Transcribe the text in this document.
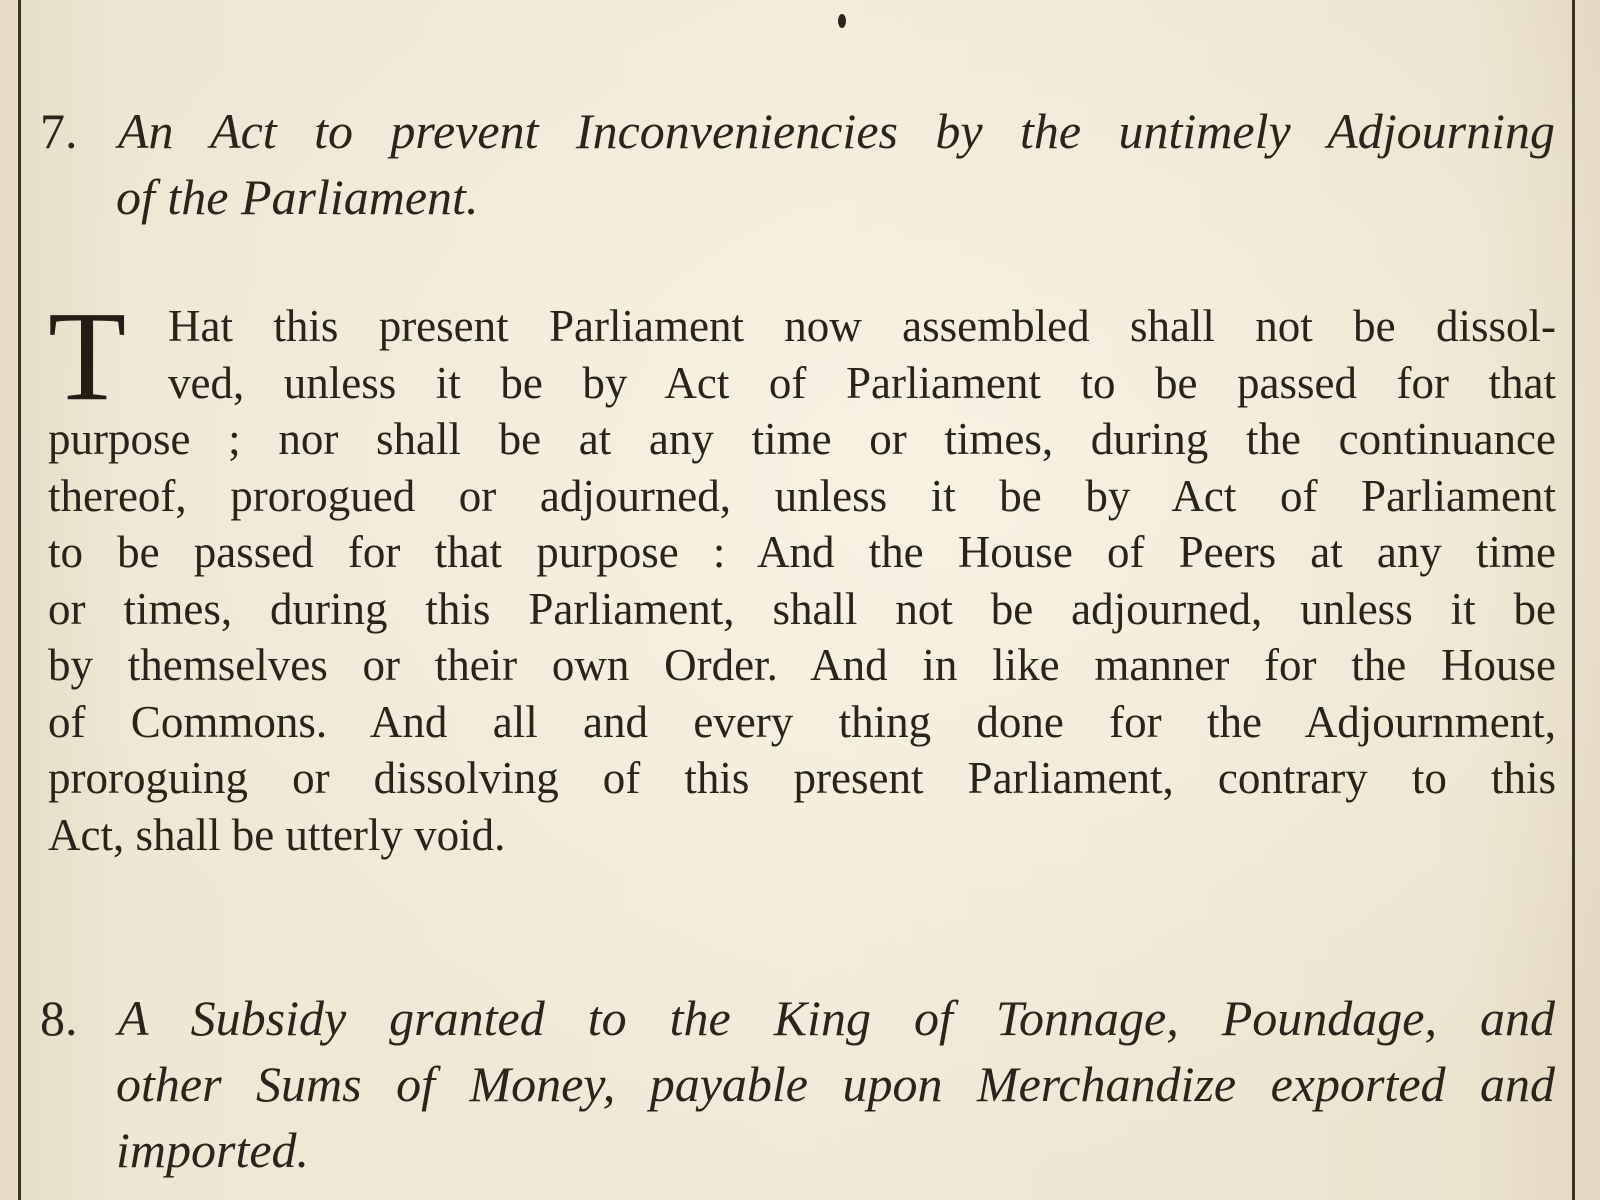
7. An Act to prevent Inconveniencies by the untimely Adjourning
of the Parliament.
T Hat this present Parliament now assembled shall not be dissol-
ved, unless it be by Act of Parliament to be passed for that
purpose ; nor shall be at any time or times, during the continuance
thereof, prorogued or adjourned, unless it be by Act of Parliament
to be passed for that purpose : And the House of Peers at any time
or times, during this Parliament, shall not be adjourned, unless it be
by themselves or their own Order. And in like manner for the House
of Commons. And all and every thing done for the Adjournment,
proroguing or dissolving of this present Parliament, contrary to this
Act, shall be utterly void.
8. A Subsidy granted to the King of Tonnage, Poundage, and
other Sums of Money, payable upon Merchandize exported and
imported.
